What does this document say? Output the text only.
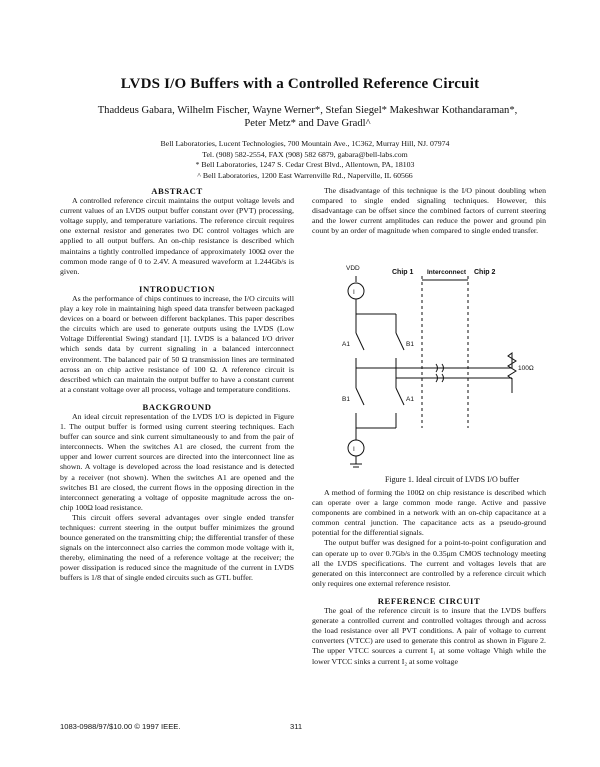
LVDS I/O Buffers with a Controlled Reference Circuit
Thaddeus Gabara, Wilhelm Fischer, Wayne Werner*, Stefan Siegel* Makeshwar Kothandaraman*, Peter Metz* and Dave Gradl^
Bell Laboratories, Lucent Technologies, 700 Mountain Ave., 1C362, Murray Hill, NJ. 07974
Tel. (908) 582-2554, FAX (908) 582 6879, gabara@bell-labs.com
* Bell Laboratories, 1247 S. Cedar Crest Blvd., Allentown, PA, 18103
^ Bell Laboratories, 1200 East Warrenville Rd., Naperville, IL 60566

ABSTRACT

A controlled reference circuit maintains the output voltage levels and current values of an LVDS output buffer constant over (PVT) processing, voltage supply, and temperature variations. The reference circuit requires one external resistor and generates two DC control voltages which are applied to all output buffers. An on-chip resistance is described which maintains a tightly controlled impedance of approximately 100Ω over the common mode range of 0 to 2.4V. A measured waveform at 1.244Gb/s is given.

INTRODUCTION

As the performance of chips continues to increase, the I/O circuits will play a key role in maintaining high speed data transfer between packaged devices on a board or between different backplanes. This paper describes the circuits which are used to generate outputs using the LVDS (Low Voltage Differential Swing) standard [1]. LVDS is a balanced I/O driver which sends data by current signaling in a balanced interconnect environment. The balanced pair of 50 Ω transmission lines are terminated across an on chip active resistance of 100 Ω. A reference circuit is described which can maintain the output buffer to have a constant current at a constant voltage over all process, voltage and temperature conditions.

BACKGROUND

An ideal circuit representation of the LVDS I/O is depicted in Figure 1. The output buffer is formed using current steering techniques. Each buffer can source and sink current simultaneously to and from the pair of interconnects. When the switches A1 are closed, the current from the upper and lower current sources are directed into the interconnect line as shown. A voltage is developed across the load resistance and is detected by a receiver (not shown). When the switches A1 are opened and the switches B1 are closed, the current flows in the opposing direction in the interconnect generating a voltage of opposite magnitude across the on-chip 100Ω load resistance.

This circuit offers several advantages over single ended transfer techniques: current steering in the output buffer minimizes the ground bounce generated on the transmitting chip; the differential transfer of these signals on the interconnect also carries the common mode voltage with it, thereby, eliminating the need of a reference voltage at the receiver; the power dissipation is reduced since the magnitude of the current in LVDS buffers is 1/8 that of single ended circuits such as GTL buffer.

The disadvantage of this technique is the I/O pinout doubling when compared to single ended signaling techniques. However, this disadvantage can be offset since the combined factors of current steering and the lower current amplitudes can reduce the power and ground pin count by an order of magnitude when compared to single ended transfer.

VDD
Chip 1 Interconnect Chip 2
I
I
A1	B1
B1	A1
100Ω
Figure 1. Ideal circuit of LVDS I/O buffer

A method of forming the 100Ω on chip resistance is described which can operate over a large common mode range. Active and passive components are combined in a network with an on-chip capacitance at a common central junction. The capacitance acts as a pseudo-ground potential for the differential signals.

The output buffer was designed for a point-to-point configuration and can operate up to over 0.7Gb/s in the 0.35μm CMOS technology meeting all the LVDS specifications. The current and voltages levels that are generated on this interconnect are controlled by a reference circuit which only requires one external reference resistor.

REFERENCE CIRCUIT

The goal of the reference circuit is to insure that the LVDS buffers generate a controlled current and controlled voltages through and across the load resistance over all PVT conditions. A pair of voltage to current converters (VTCC) are used to generate this control as shown in Figure 2. The upper VTCC sources a current I₁ at some voltage Vhigh while the lower VTCC sinks a current I₂ at some voltage

1083-0988/97/$10.00 © 1997 IEEE.	311
